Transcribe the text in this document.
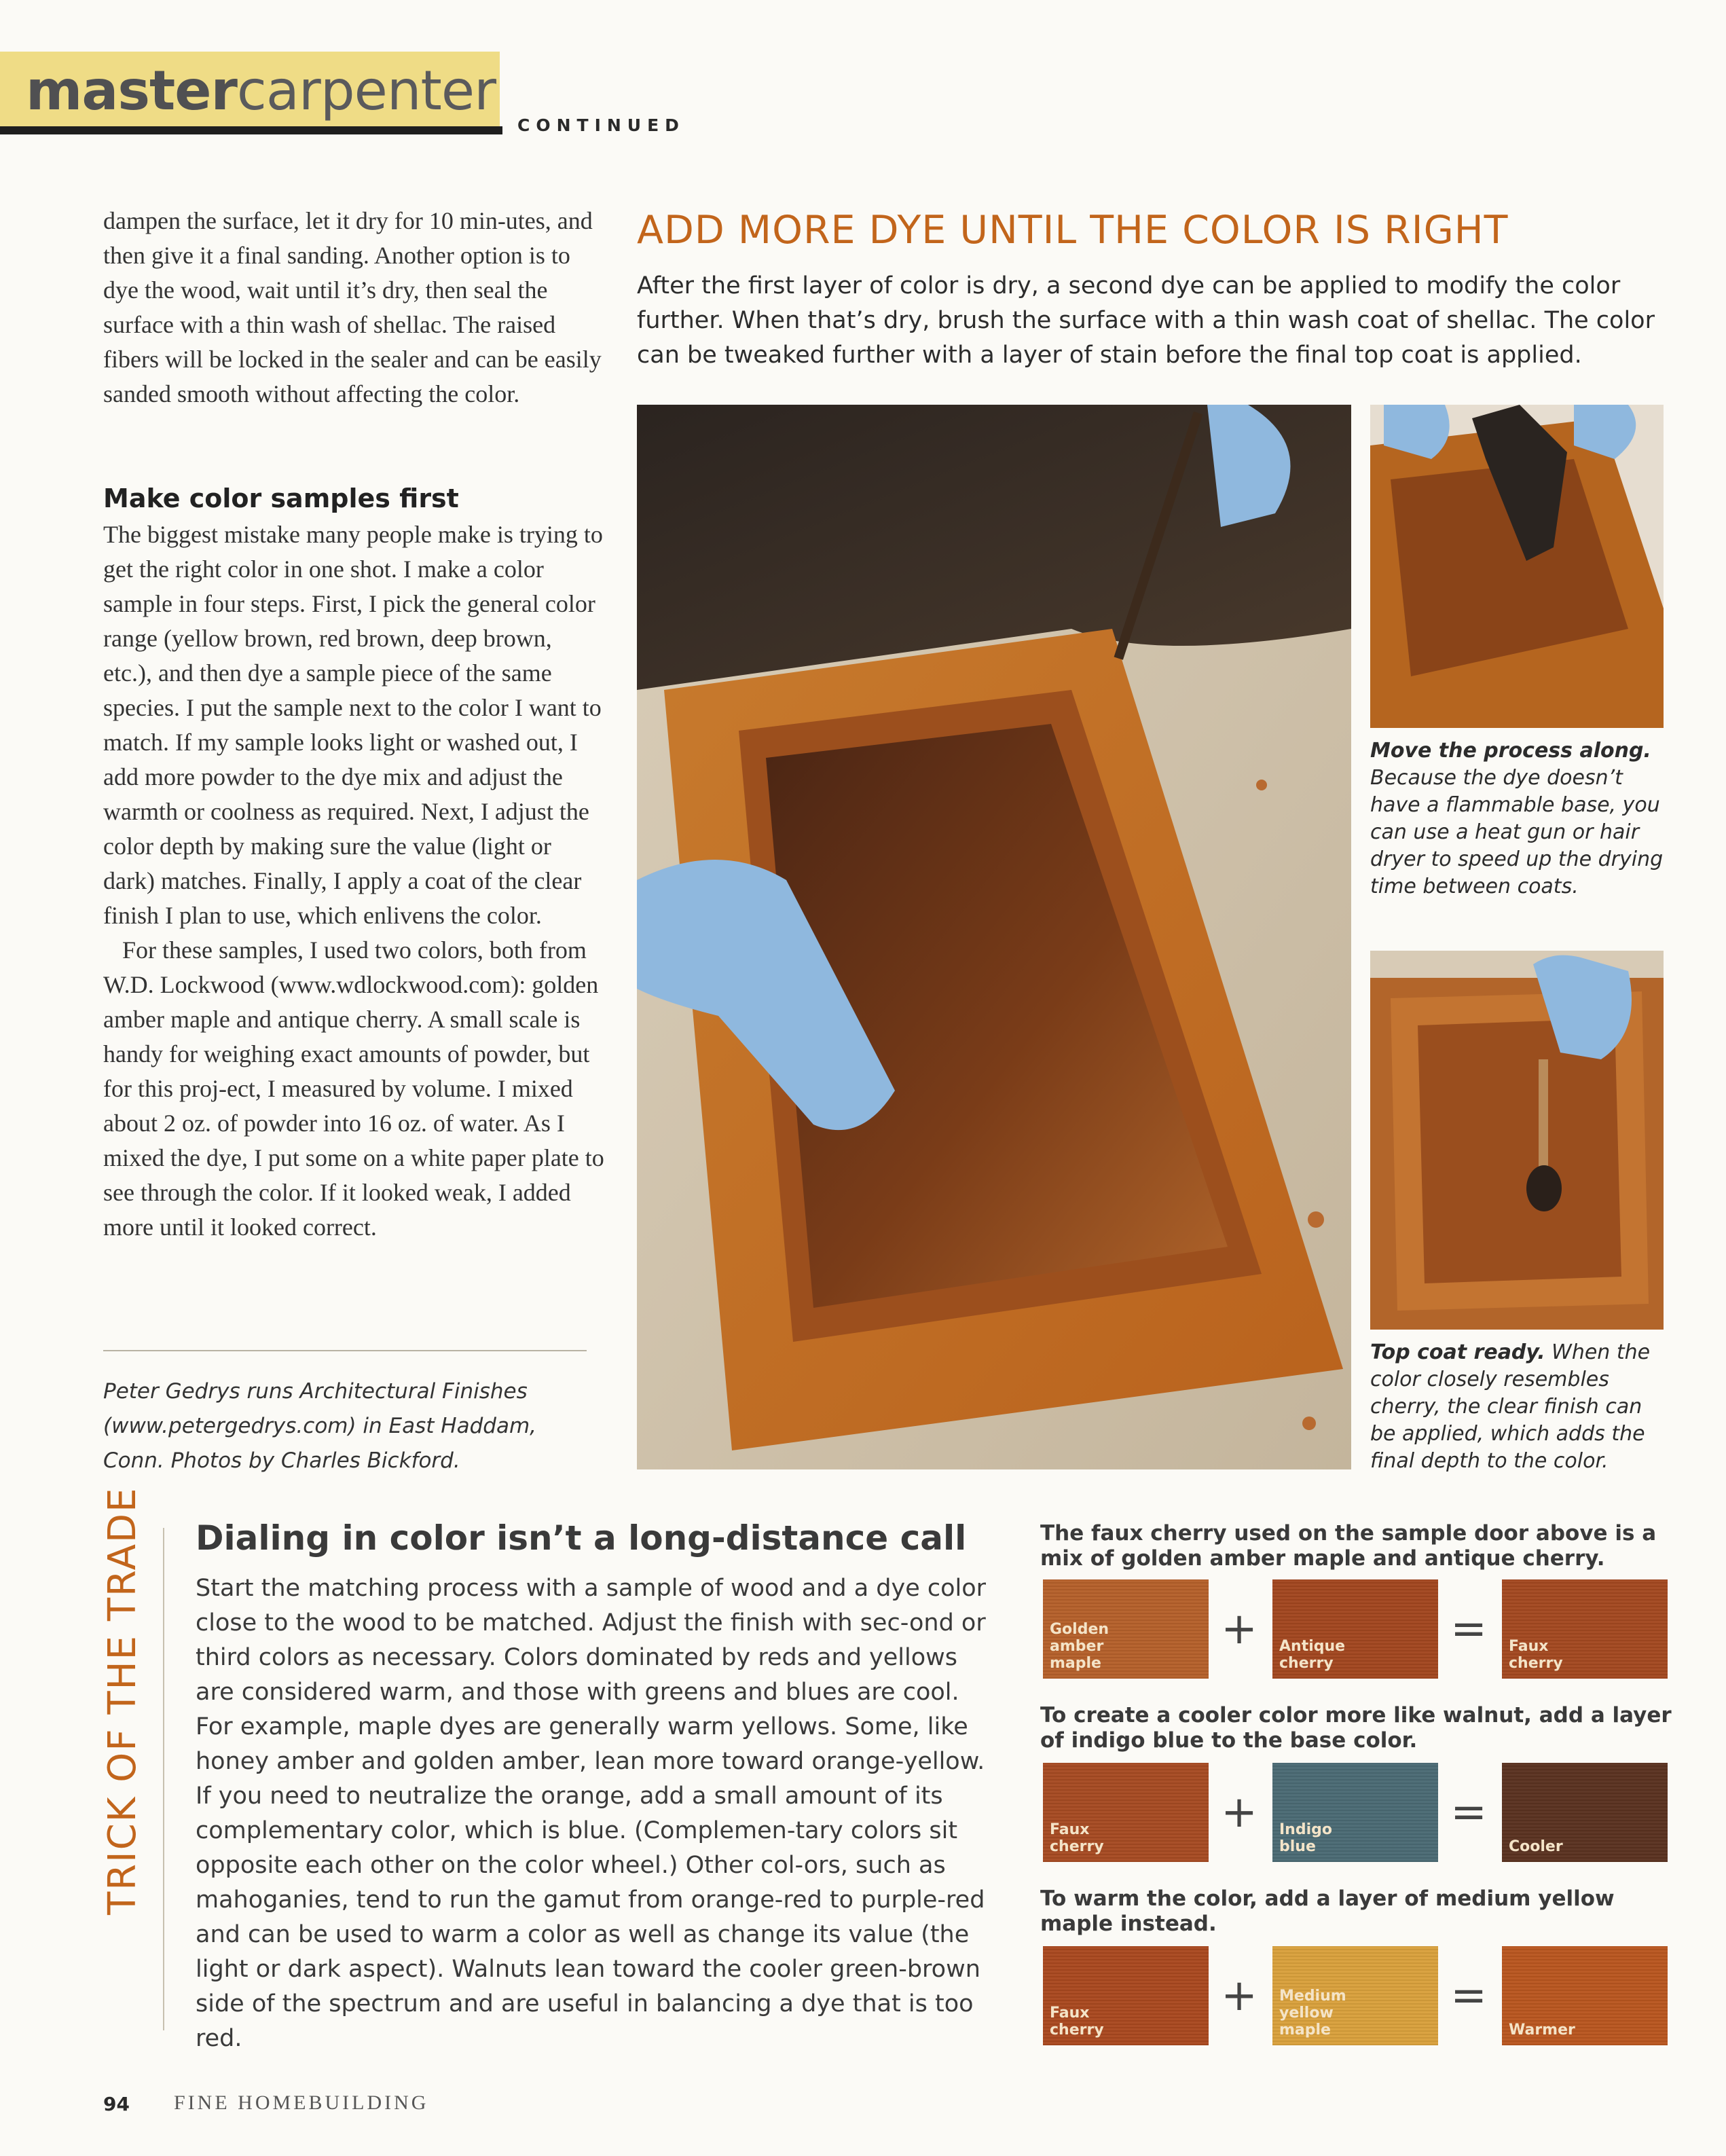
mastercarpenter
CONTINUED

dampen the surface, let it dry for 10 min-utes, and then give it a final sanding. Another option is to dye the wood, wait until it’s dry, then seal the surface with a thin wash of shellac. The raised fibers will be locked in the sealer and can be easily sanded smooth without affecting the color.

Make color samples first

The biggest mistake many people make is trying to get the right color in one shot. I make a color sample in four steps. First, I pick the general color range (yellow brown, red brown, deep brown, etc.), and then dye a sample piece of the same species. I put the sample next to the color I want to match. If my sample looks light or washed out, I add more powder to the dye mix and adjust the warmth or coolness as required. Next, I adjust the color depth by making sure the value (light or dark) matches. Finally, I apply a coat of the clear finish I plan to use, which enlivens the color.

For these samples, I used two colors, both from W.D. Lockwood (www.wdlockwood.com): golden amber maple and antique cherry. A small scale is handy for weighing exact amounts of powder, but for this proj-ect, I measured by volume. I mixed about 2 oz. of powder into 16 oz. of water. As I mixed the dye, I put some on a white paper plate to see through the color. If it looked weak, I added more until it looked correct.

Peter Gedrys runs Architectural Finishes (www.petergedrys.com) in East Haddam, Conn. Photos by Charles Bickford.
ADD MORE DYE UNTIL THE COLOR IS RIGHT
After the first layer of color is dry, a second dye can be applied to modify the color further. When that’s dry, brush the surface with a thin wash coat of shellac. The color can be tweaked further with a layer of stain before the final top coat is applied.
Move the process along. Because the dye doesn’t have a flammable base, you can use a heat gun or hair dryer to speed up the drying time between coats.
Top coat ready. When the color closely resembles cherry, the clear finish can be applied, which adds the final depth to the color.
TRICK OF THE TRADE Dialing in color isn’t a long-distance call
Start the matching process with a sample of wood and a dye color close to the wood to be matched. Adjust the finish with sec-ond or third colors as necessary. Colors dominated by reds and yellows are considered warm, and those with greens and blues are cool. For example, maple dyes are generally warm yellows. Some, like honey amber and golden amber, lean more toward orange-yellow. If you need to neutralize the orange, add a small amount of its complementary color, which is blue. (Complemen-tary colors sit opposite each other on the color wheel.) Other col-ors, such as mahoganies, tend to run the gamut from orange-red to purple-red and can be used to warm a color as well as change its value (the light or dark aspect). Walnuts lean toward the cooler green-brown side of the spectrum and are useful in balancing a dye that is too red.
The faux cherry used on the sample door above is a mix of golden amber maple and antique cherry.
Golden
amber
maple
+	Antique
cherry
=	Faux
cherry
To create a cooler color more like walnut, add a layer of indigo blue to the base color.
Faux
cherry
+	Indigo
blue
=
Cooler
To warm the color, add a layer of medium yellow maple instead.
Faux
cherry
+	Medium
yellow
maple
=
Warmer
94 FINE HOMEBUILDING
